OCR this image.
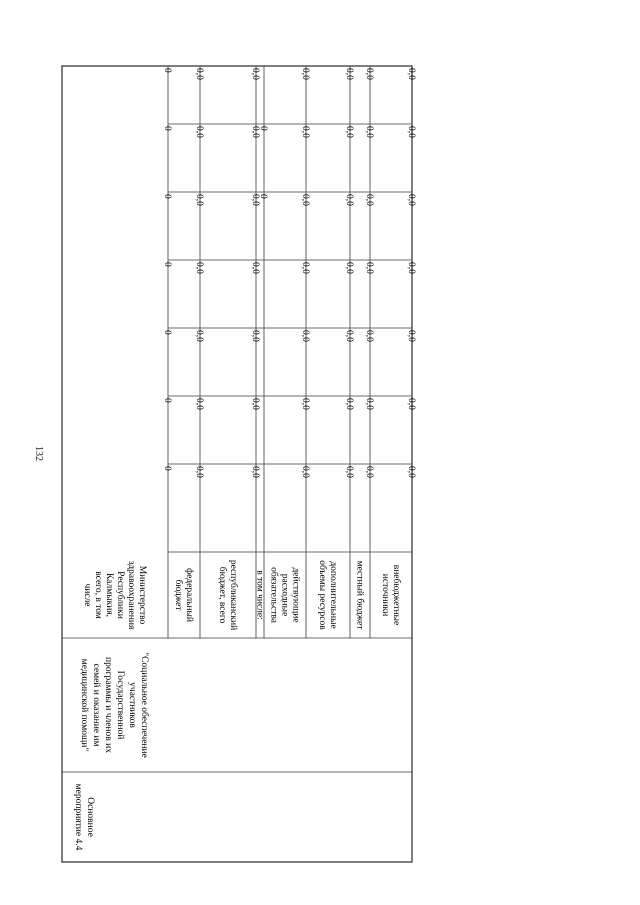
132
Основное
мероприятие 4.4
"Социальное обеспечение
участников
Государственной
программы и членов их
семей и оказание им
медицинской помощи"
Министерство
здравоохранения
Республики
Калмыкия,
всего, в том
числе
0
0
0
0
0
0
0
федеральный
бюджет
0,0
0,0
0,0
0,0
0,0
0,0
0,0
республиканский
бюджет, всего
0,0
0,0
0,0
0,0
0,0
0,0
0,0
в том числе:
0
0
действующие
расходные
обязательства
0,0
0,0
0,0
0,0
0,0
0,0
0,0
дополнительные
объемы ресурсов
0,0
0,0
0,0
0,0
0,0
0,0
0,0
местный бюджет
0,0
0,0
0,0
0,0
0,0
0,0
0,0
внебюджетные
источники
0,0
0,0
0,0
0,0
0,0
0,0
0,0
